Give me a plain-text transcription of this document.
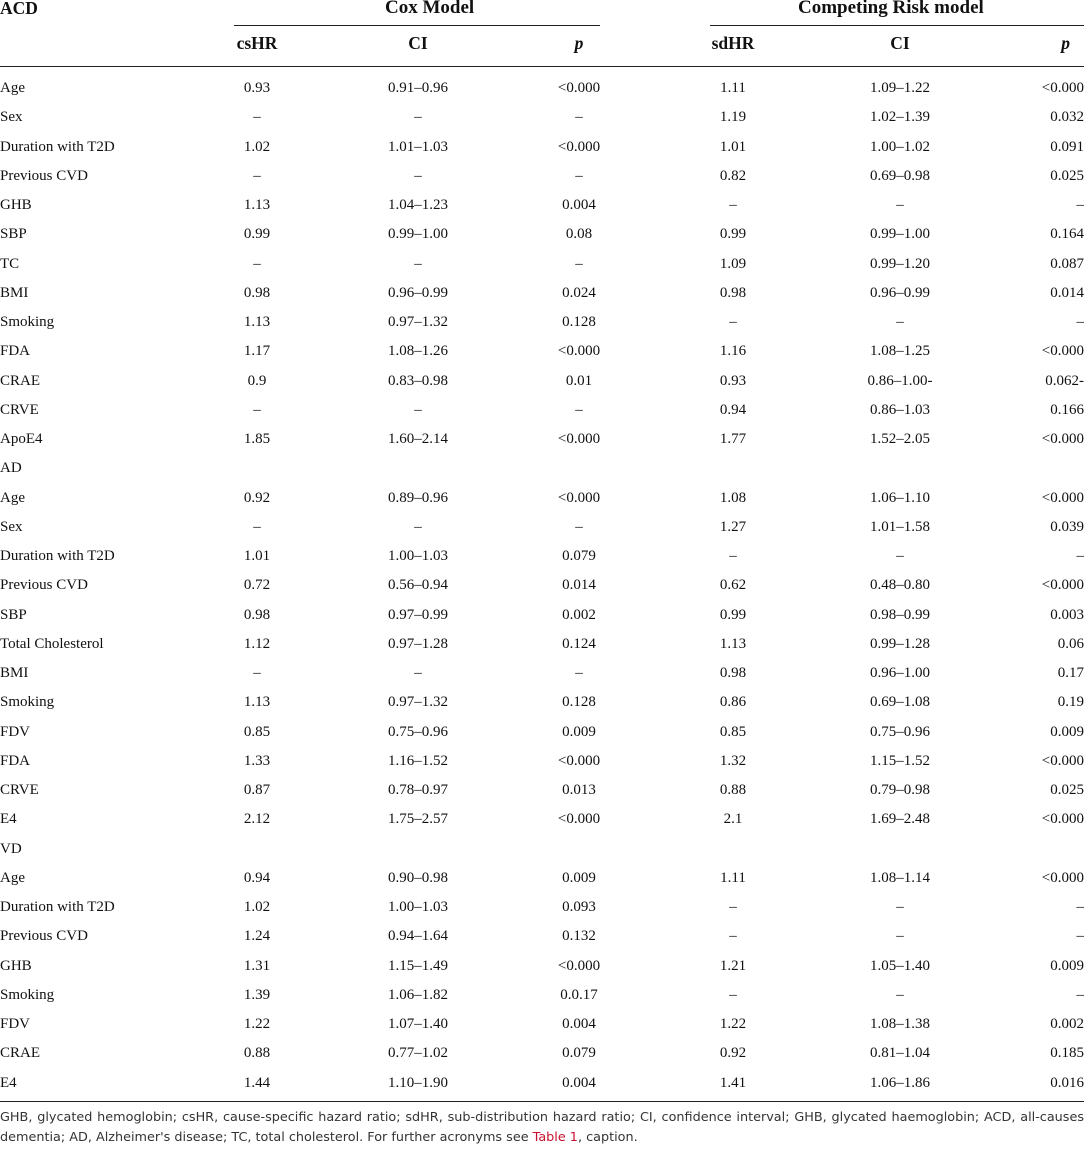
ACD	Cox Model	Competing Risk model
csHR	CI	p	sdHR	CI	p
Age	0.93	0.91–0.96	<0.000	1.11	1.09–1.22	<0.000
Sex	–	–	–	1.19	1.02–1.39	0.032
Duration with T2D	1.02	1.01–1.03	<0.000	1.01	1.00–1.02	0.091
Previous CVD	–	–	–	0.82	0.69–0.98	0.025
GHB	1.13	1.04–1.23	0.004	–	–	–
SBP	0.99	0.99–1.00	0.08	0.99	0.99–1.00	0.164
TC	–	–	–	1.09	0.99–1.20	0.087
BMI	0.98	0.96–0.99	0.024	0.98	0.96–0.99	0.014
Smoking	1.13	0.97–1.32	0.128	–	–	–
FDA	1.17	1.08–1.26	<0.000	1.16	1.08–1.25	<0.000
CRAE	0.9	0.83–0.98	0.01	0.93	0.86–1.00-	0.062-
CRVE	–	–	–	0.94	0.86–1.03	0.166
ApoE4	1.85	1.60–2.14	<0.000	1.77	1.52–2.05	<0.000
AD
Age	0.92	0.89–0.96	<0.000	1.08	1.06–1.10	<0.000
Sex	–	–	–	1.27	1.01–1.58	0.039
Duration with T2D	1.01	1.00–1.03	0.079	–	–	–
Previous CVD	0.72	0.56–0.94	0.014	0.62	0.48–0.80	<0.000
SBP	0.98	0.97–0.99	0.002	0.99	0.98–0.99	0.003
Total Cholesterol	1.12	0.97–1.28	0.124	1.13	0.99–1.28	0.06
BMI	–	–	–	0.98	0.96–1.00	0.17
Smoking	1.13	0.97–1.32	0.128	0.86	0.69–1.08	0.19
FDV	0.85	0.75–0.96	0.009	0.85	0.75–0.96	0.009
FDA	1.33	1.16–1.52	<0.000	1.32	1.15–1.52	<0.000
CRVE	0.87	0.78–0.97	0.013	0.88	0.79–0.98	0.025
E4	2.12	1.75–2.57	<0.000	2.1	1.69–2.48	<0.000
VD
Age	0.94	0.90–0.98	0.009	1.11	1.08–1.14	<0.000
Duration with T2D	1.02	1.00–1.03	0.093	–	–	–
Previous CVD	1.24	0.94–1.64	0.132	–	–	–
GHB	1.31	1.15–1.49	<0.000	1.21	1.05–1.40	0.009
Smoking	1.39	1.06–1.82	0.0.17	–	–	–
FDV	1.22	1.07–1.40	0.004	1.22	1.08–1.38	0.002
CRAE	0.88	0.77–1.02	0.079	0.92	0.81–1.04	0.185
E4	1.44	1.10–1.90	0.004	1.41	1.06–1.86	0.016
GHB, glycated hemoglobin; csHR, cause-specific hazard ratio; sdHR, sub-distribution hazard ratio; CI, confidence interval; GHB, glycated haemoglobin; ACD, all-causes dementia; AD, Alzheimer's disease; TC, total cholesterol. For further acronyms see Table 1, caption.
